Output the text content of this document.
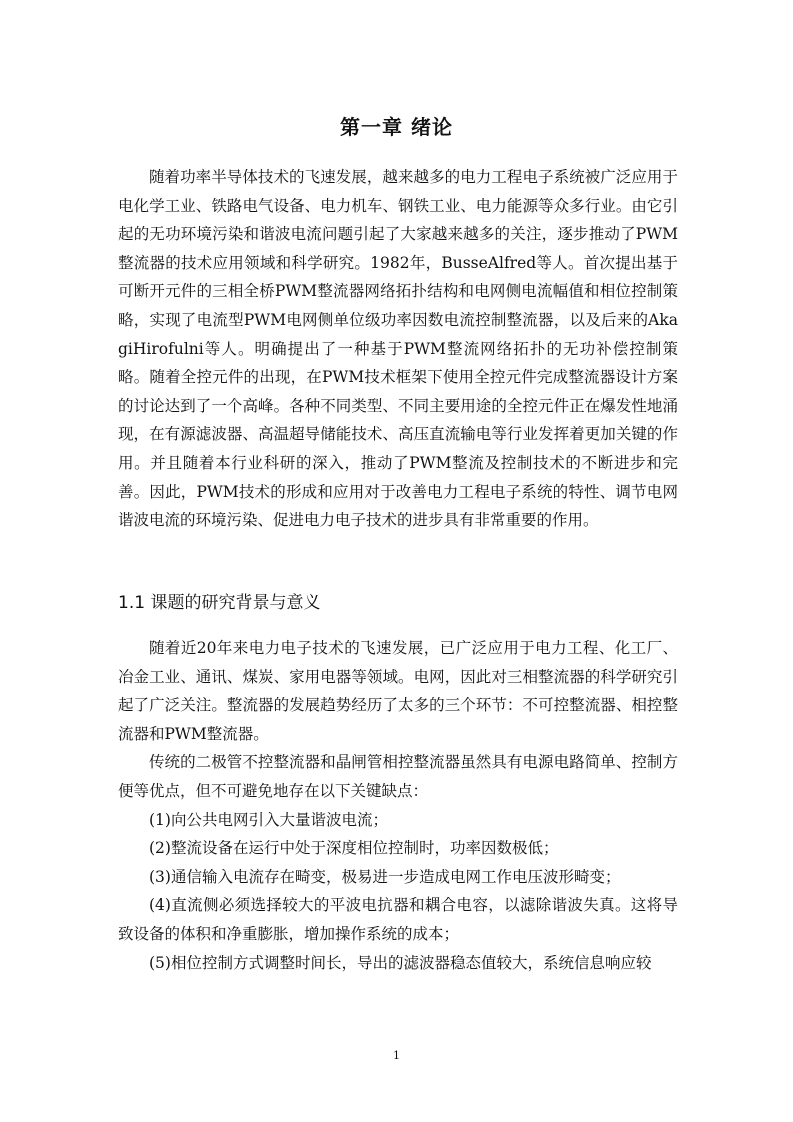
第一章 绪论

随着功率半导体技术的飞速发展，越来越多的电力工程电子系统被广泛应用于电化学工业、铁路电气设备、电力机车、钢铁工业、电力能源等众多行业。由它引起的无功环境污染和谐波电流问题引起了大家越来越多的关注，逐步推动了PWM整流器的技术应用领域和科学研究。1982年，BusseAlfred等人。首次提出基于可断开元件的三相全桥PWM整流器网络拓扑结构和电网侧电流幅值和相位控制策略，实现了电流型PWM电网侧单位级功率因数电流控制整流器，以及后来的AkagiHirofulni等人。明确提出了一种基于PWM整流网络拓扑的无功补偿控制策略。随着全控元件的出现，在PWM技术框架下使用全控元件完成整流器设计方案的讨论达到了一个高峰。各种不同类型、不同主要用途的全控元件正在爆发性地涌现，在有源滤波器、高温超导储能技术、高压直流输电等行业发挥着更加关键的作用。并且随着本行业科研的深入，推动了PWM整流及控制技术的不断进步和完善。因此，PWM技术的形成和应用对于改善电力工程电子系统的特性、调节电网谐波电流的环境污染、促进电力电子技术的进步具有非常重要的作用。

1.1 课题的研究背景与意义

随着近20年来电力电子技术的飞速发展，已广泛应用于电力工程、化工厂、冶金工业、通讯、煤炭、家用电器等领域。电网，因此对三相整流器的科学研究引起了广泛关注。整流器的发展趋势经历了太多的三个环节：不可控整流器、相控整流器和PWM整流器。

传统的二极管不控整流器和晶闸管相控整流器虽然具有电源电路简单、控制方便等优点，但不可避免地存在以下关键缺点：

(1)向公共电网引入大量谐波电流；

(2)整流设备在运行中处于深度相位控制时，功率因数极低；

(3)通信输入电流存在畸变，极易进一步造成电网工作电压波形畸变；

(4)直流侧必须选择较大的平波电抗器和耦合电容，以滤除谐波失真。这将导致设备的体积和净重膨胀，增加操作系统的成本；

(5)相位控制方式调整时间长，导出的滤波器稳态值较大，系统信息响应较

1
